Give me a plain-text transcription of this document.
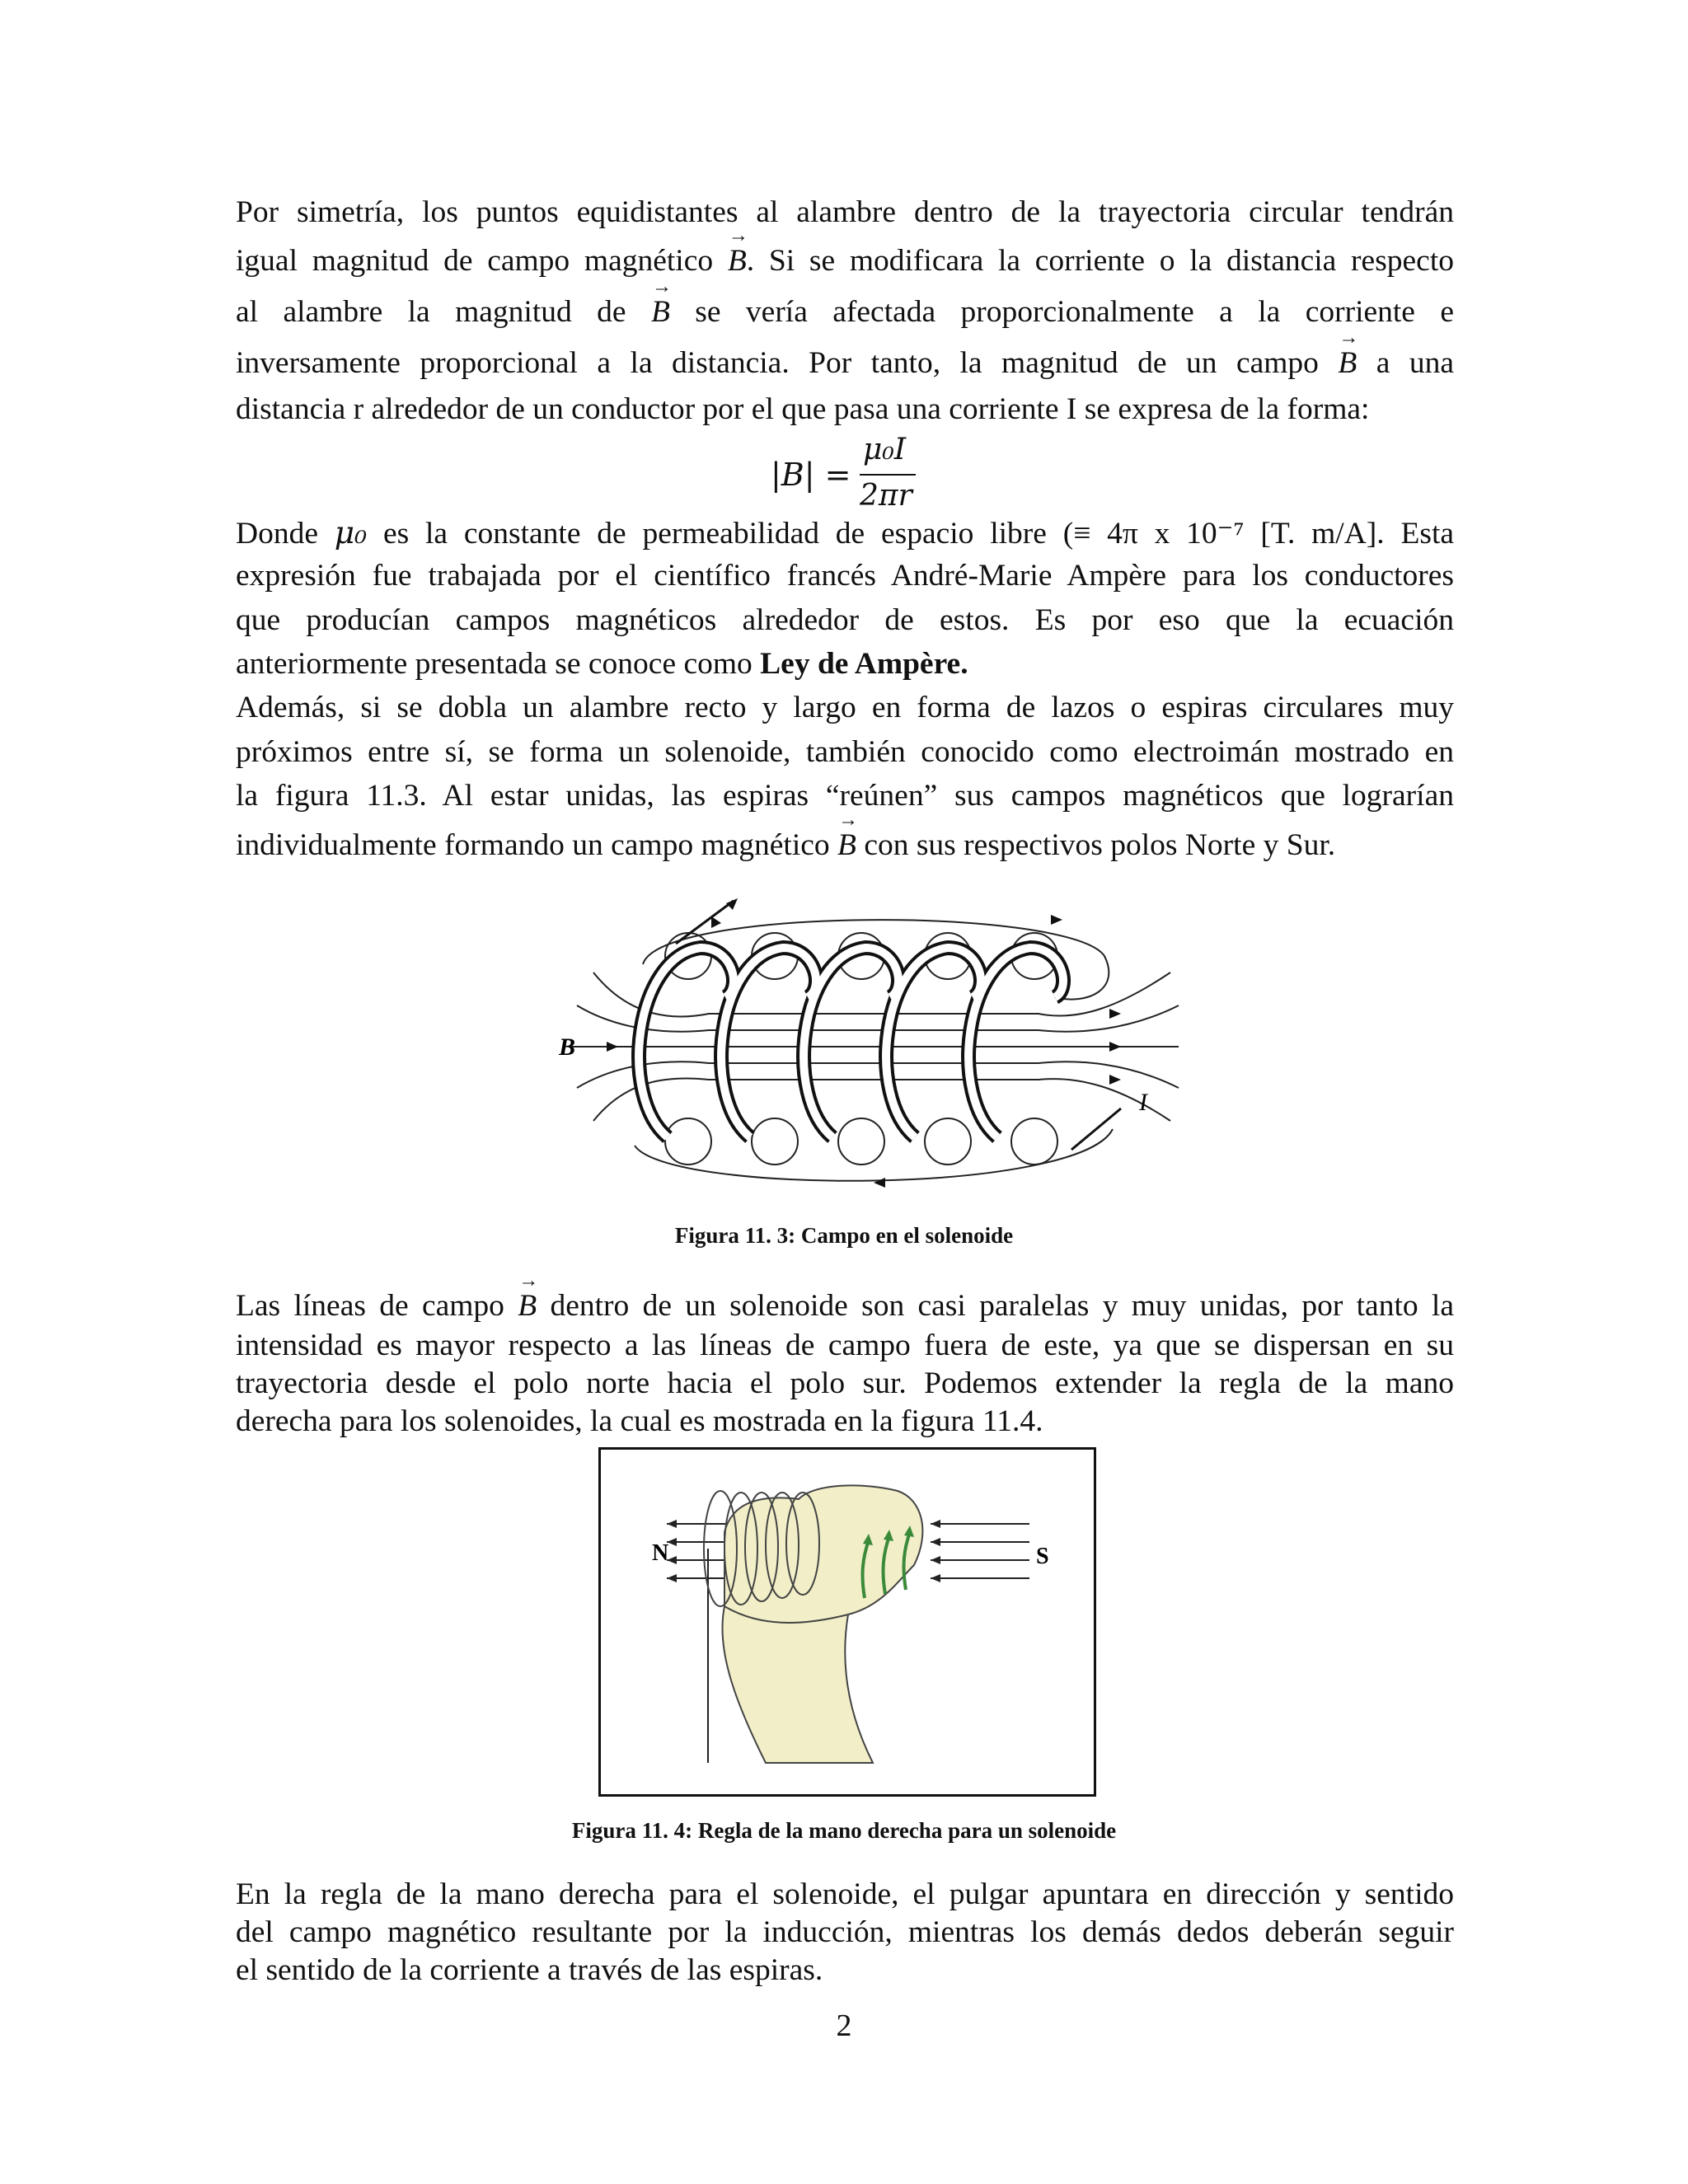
Por simetría, los puntos equidistantes al alambre dentro de la trayectoria circular tendrán
igual magnitud de campo magnético B →. Si se modificara la corriente o la distancia respecto
al alambre la magnitud de B → se vería afectada proporcionalmente a la corriente e
inversamente proporcional a la distancia. Por tanto, la magnitud de un campo B → a una
distancia r alrededor de un conductor por el que pasa una corriente I se expresa de la forma:
|B| =
μ₀I
2πr
Donde μ₀ es la constante de permeabilidad de espacio libre (≡ 4π x 10⁻⁷ [T. m/A]. Esta
expresión fue trabajada por el científico francés André-Marie Ampère para los conductores
que producían campos magnéticos alrededor de estos. Es por eso que la ecuación
anteriormente presentada se conoce como Ley de Ampère.
Además, si se dobla un alambre recto y largo en forma de lazos o espiras circulares muy
próximos entre sí, se forma un solenoide, también conocido como electroimán mostrado en
la figura 11.3. Al estar unidas, las espiras “reúnen” sus campos magnéticos que lograrían
individualmente formando un campo magnético B → con sus respectivos polos Norte y Sur.
B
I
Figura 11. 3: Campo en el solenoide
Las líneas de campo B → dentro de un solenoide son casi paralelas y muy unidas, por tanto la
intensidad es mayor respecto a las líneas de campo fuera de este, ya que se dispersan en su
trayectoria desde el polo norte hacia el polo sur. Podemos extender la regla de la mano
derecha para los solenoides, la cual es mostrada en la figura 11.4.
N	S
Figura 11. 4: Regla de la mano derecha para un solenoide
En la regla de la mano derecha para el solenoide, el pulgar apuntara en dirección y sentido
del campo magnético resultante por la inducción, mientras los demás dedos deberán seguir
el sentido de la corriente a través de las espiras.
2
